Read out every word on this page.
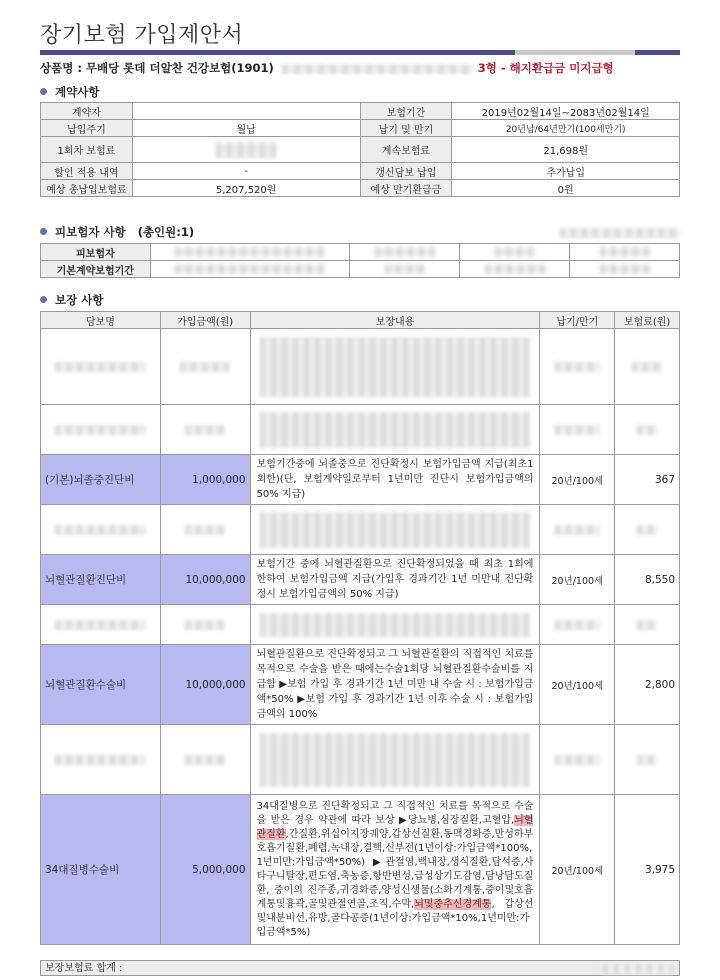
장기보험 가입제안서
상품명 : 무배당 롯데 더알찬 건강보험(1901)	3형 - 해지환급금 미지급형
계약사항
계약자		보험기간	2019년02월14일~2083년02월14일
납입주기	월납	납기 및 만기	20년납/64년만기(100세만기)
1회차 보험료		계속보험료	21,698원
할인 적용 내역	-	갱신담보 납입	추가납입
예상 총납입보험료	5,207,520원	예상 만기환급금	0원
피보험자 사항 (총인원:1)
피보험자	

기본계약보험기간	

보장 사항
담보명	가입금액(원)	보장내용	납기/만기	보험료(원)

(기본)뇌졸중진단비	1,000,000	보험기간중에 뇌졸중으로 진단확정시 보험가입금액 지급(최초1회한)(단, 보험계약일로부터 1년미만 진단시 보험가입금액의 50% 지급)	20년/100세	367

뇌혈관질환진단비	10,000,000	보험기간 중에 뇌혈관질환으로 진단확정되었을 때 최초 1회에 한하여 보험가입금액 지급(가입후 경과기간 1년 미만내 진단확정시 보험가입금액의 50% 지급)	20년/100세	8,550

뇌혈관질환수술비	10,000,000	뇌혈관질환으로 진단확정되고 그 뇌혈관질환의 직접적인 치료를 목적으로 수술을 받은 때에는수술1회당 뇌혈관질환수술비를 지급함 ▶보험 가입 후 경과기간 1년 미만 내 수술 시 : 보험가입금액*50% ▶보험 가입 후 경과기간 1년 이후 수술 시 : 보험가입금액의 100%	20년/100세	2,800

34대질병수술비	5,000,000	34대질병으로 진단확정되고 그 직접적인 치료를 목적으로 수술을 받은 경우 약관에 따라 보상 ▶당뇨병,심장질환,고혈압,뇌혈관질환,간질환,위십이지장궤양,갑상선질환,동맥경화증,만성하부호흡기질환,폐렴,녹내장,결핵,신부전(1년이상:가입금액*100%, 1년미만:가입금액*50%) ▶관절염,백내장,생식질환,담석증,사타구니탈장,편도염,축농증,항반변성,급성상기도감염,담낭담도질환, 중이의 진주종,귀경화증,양성신생물(소화기계통,중이및호흡계통및흉곽,골및관절연골,조직,수막,뇌및중추신경계통, 갑상선및내분비선,유방,골다공증(1년이상:가입금액*10%,1년미만:가입금액*5%)	20년/100세	3,975
보장보험료 합계 :
